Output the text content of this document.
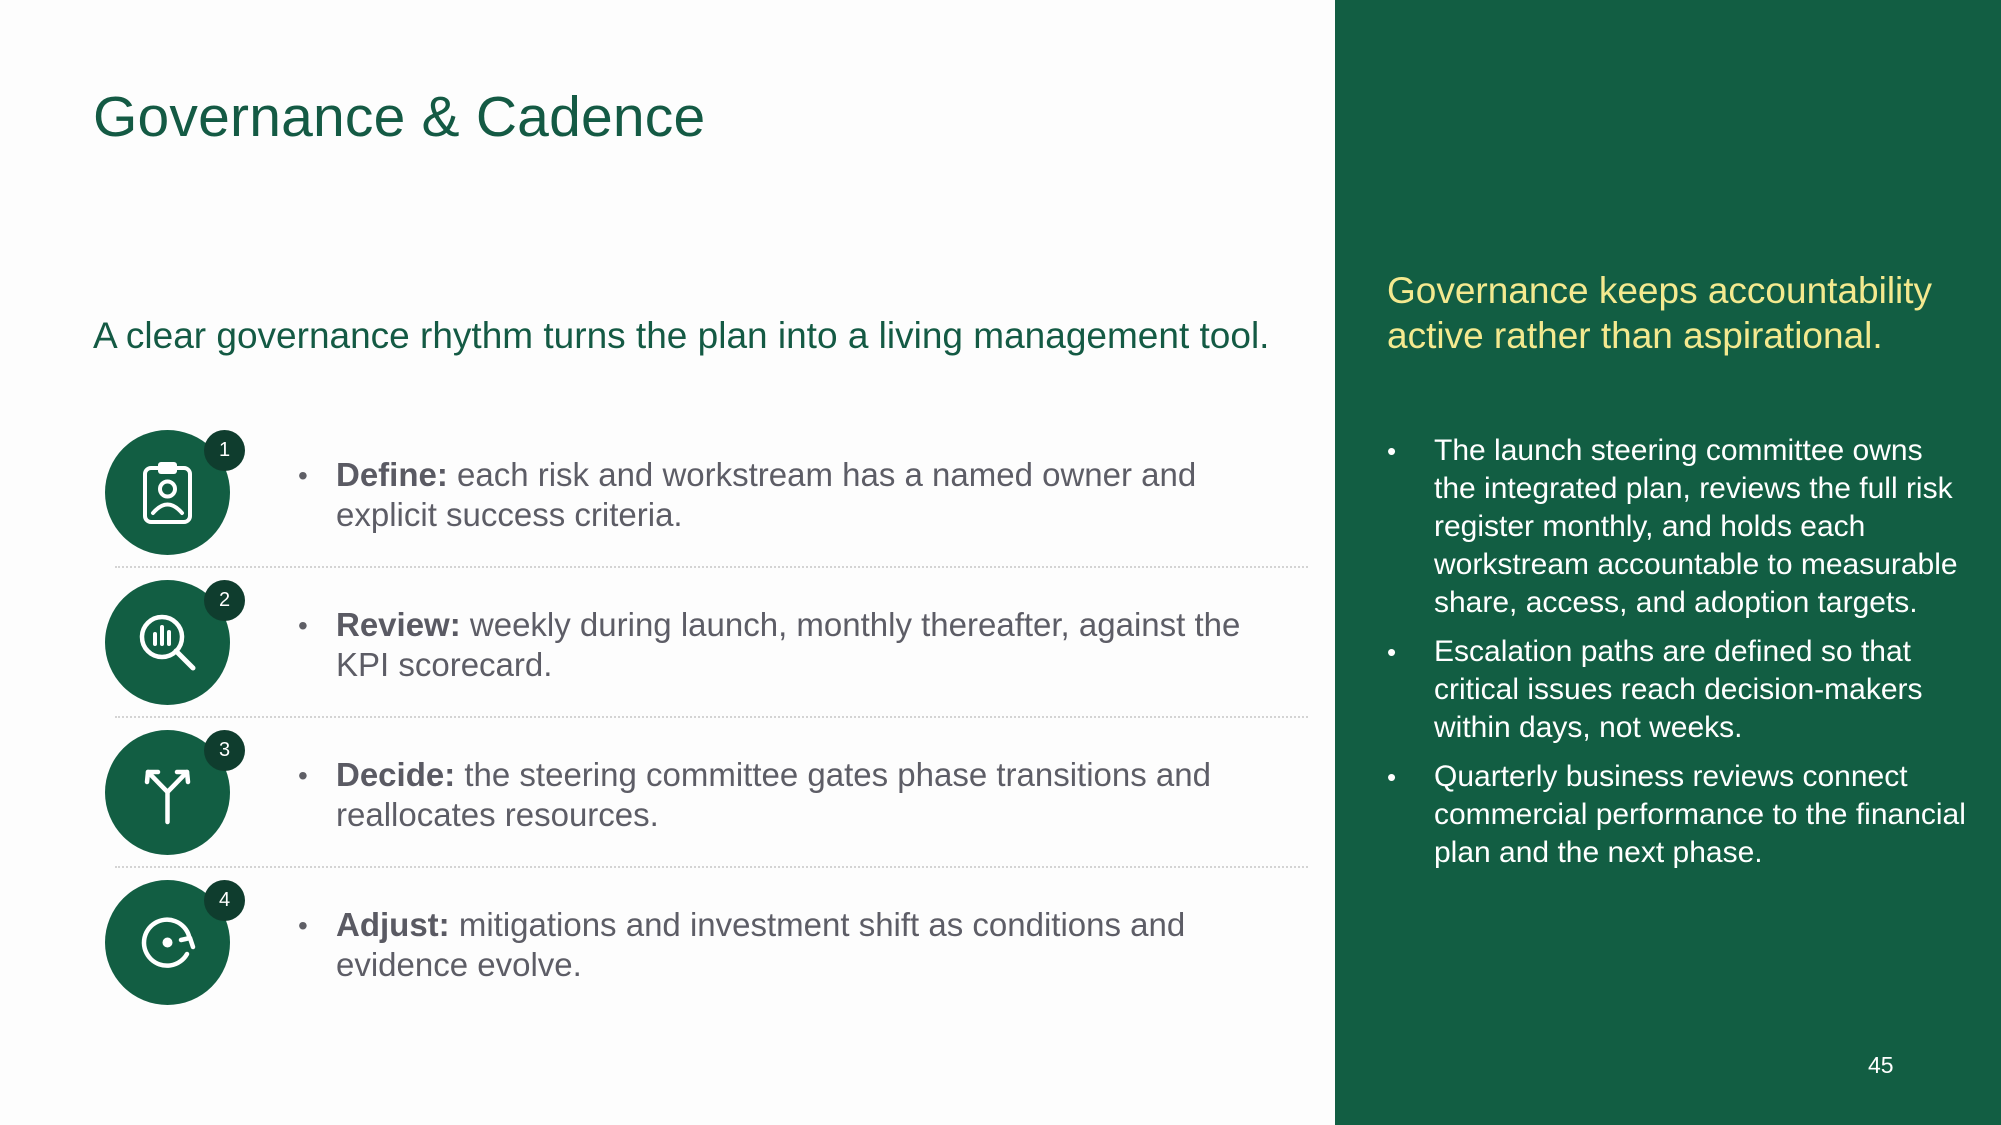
Governance & Cadence

A clear governance rhythm turns the plan into a living management tool.

1
• Define: each risk and workstream has a named owner and explicit success criteria.

2
• Review: weekly during launch, monthly thereafter, against the KPI scorecard.

3
• Decide: the steering committee gates phase transitions and reallocates resources.

4
• Adjust: mitigations and investment shift as conditions and evidence evolve.

Governance keeps accountability active rather than aspirational.
• The launch steering committee owns the integrated plan, reviews the full risk register monthly, and holds each workstream accountable to measurable share, access, and adoption targets.
• Escalation paths are defined so that critical issues reach decision-makers within days, not weeks.
• Quarterly business reviews connect commercial performance to the financial plan and the next phase.
45
